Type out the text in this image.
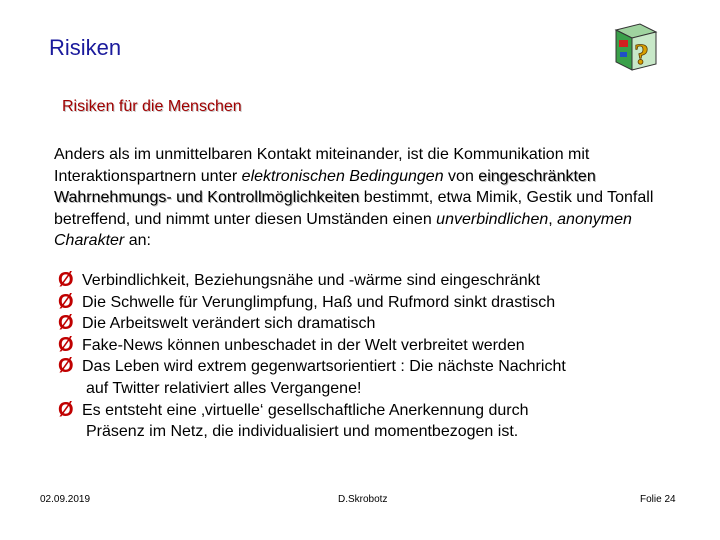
Risiken	?
Risiken für die Menschen
Anders als im unmittelbaren Kontakt miteinander, ist die Kommunikation mit Interaktionspartnern unter elektronischen Bedingungen von eingeschränkten Wahrnehmungs- und Kontrollmöglichkeiten bestimmt, etwa Mimik, Gestik und Tonfall betreffend, und nimmt unter diesen Umständen einen unverbindlichen, anonymen Charakter an:
Ø Verbindlichkeit, Beziehungsnähe und -wärme sind eingeschränkt
Ø Die Schwelle für Verunglimpfung, Haß und Rufmord sinkt drastisch
Ø Die Arbeitswelt verändert sich dramatisch
Ø Fake-News können unbeschadet in der Welt verbreitet werden
Ø Das Leben wird extrem gegenwartsorientiert : Die nächste Nachricht
auf Twitter relativiert alles Vergangene!
Ø Es entsteht eine ‚virtuelle‘ gesellschaftliche Anerkennung durch
Präsenz im Netz, die individualisiert und momentbezogen ist.
02.09.2019	D.Skrobotz	Folie 24
